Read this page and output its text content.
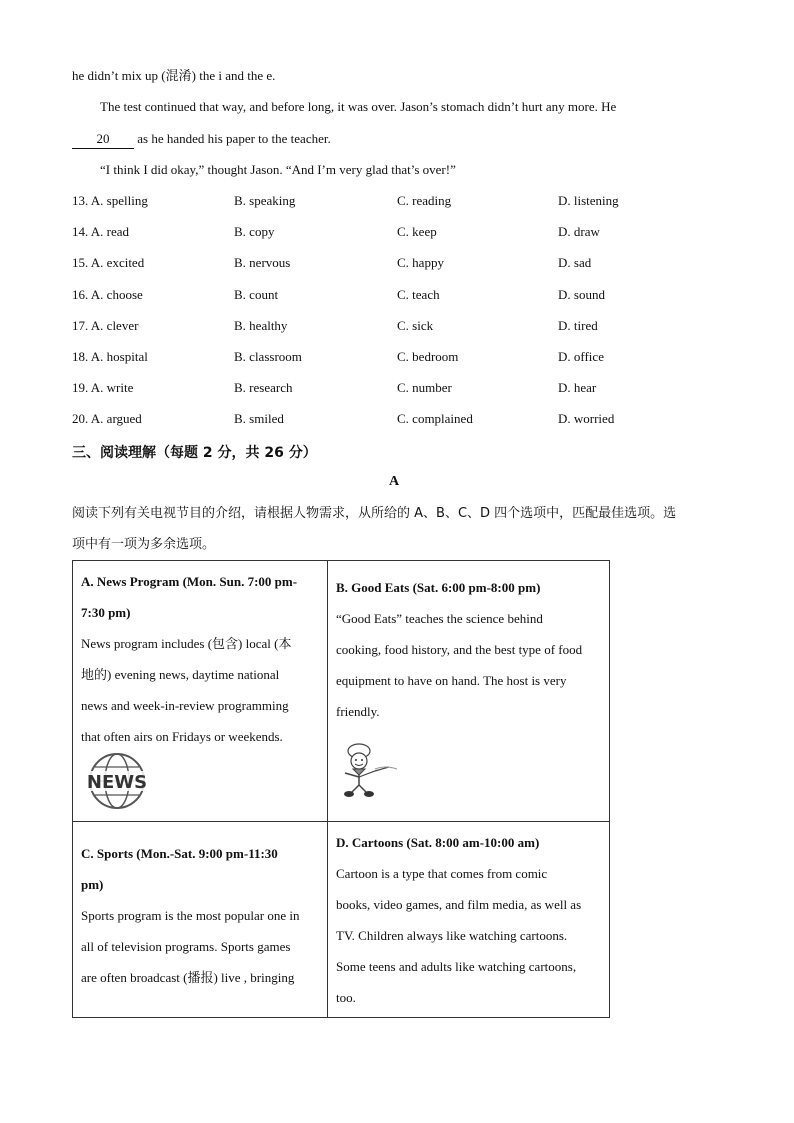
he didn’t mix up (混淆) the i and the e.
The test continued that way, and before long, it was over. Jason’s stomach didn’t hurt any more. He
20 as he handed his paper to the teacher.
“I think I did okay,” thought Jason. “And I’m very glad that’s over!”
13. A. spelling	B. speaking	C. reading	D. listening
14. A. read	B. copy	C. keep	D. draw
15. A. excited	B. nervous	C. happy	D. sad
16. A. choose	B. count	C. teach	D. sound
17. A. clever	B. healthy	C. sick	D. tired
18. A. hospital	B. classroom	C. bedroom	D. office
19. A. write	B. research	C. number	D. hear
20. A. argued	B. smiled	C. complained	D. worried
三、阅读理解（每题 2 分，共 26 分）
A
阅读下列有关电视节目的介绍，请根据人物需求，从所给的 A、B、C、D 四个选项中，匹配最佳选项。选
项中有一项为多余选项。
A. News Program (Mon. Sun. 7:00 pm-
7:30 pm)
News program includes (包含) local (本
地的) evening news, daytime national
news and week-in-review programming
that often airs on Fridays or weekends.
NEWS
B. Good Eats (Sat. 6:00 pm-8:00 pm)
“Good Eats” teaches the science behind
cooking, food history, and the best type of food
equipment to have on hand. The host is very
friendly.
C. Sports (Mon.-Sat. 9:00 pm-11:30
pm)
Sports program is the most popular one in
all of television programs. Sports games
are often broadcast (播报) live , bringing
D. Cartoons (Sat. 8:00 am-10:00 am)
Cartoon is a type that comes from comic
books, video games, and film media, as well as
TV. Children always like watching cartoons.
Some teens and adults like watching cartoons,
too.
